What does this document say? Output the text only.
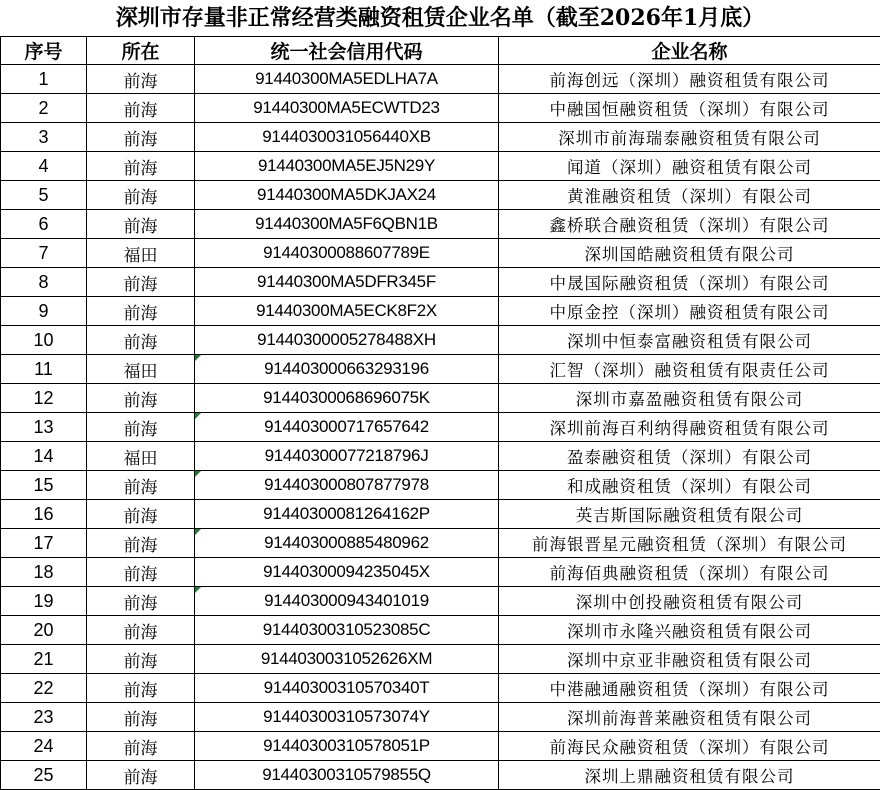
深圳市存量非正常经营类融资租赁企业名单（截至2026年1月底）
序号	所在	统一社会信用代码	企业名称
1	前海	91440300MA5EDLHA7A	前海创远（深圳）融资租赁有限公司
2	前海	91440300MA5ECWTD23	中融国恒融资租赁（深圳）有限公司
3	前海	9144030031056440XB	深圳市前海瑞泰融资租赁有限公司
4	前海	91440300MA5EJ5N29Y	闻道（深圳）融资租赁有限公司
5	前海	91440300MA5DKJAX24	黄淮融资租赁（深圳）有限公司
6	前海	91440300MA5F6QBN1B	鑫桥联合融资租赁（深圳）有限公司
7	福田	91440300088607789E	深圳国皓融资租赁有限公司
8	前海	91440300MA5DFR345F	中晟国际融资租赁（深圳）有限公司
9	前海	91440300MA5ECK8F2X	中原金控（深圳）融资租赁有限公司
10	前海	91440300005278488XH	深圳中恒泰富融资租赁有限公司
11	福田	914403000663293196	汇智（深圳）融资租赁有限责任公司
12	前海	91440300068696075K	深圳市嘉盈融资租赁有限公司
13	前海	914403000717657642	深圳前海百利纳得融资租赁有限公司
14	福田	91440300077218796J	盈泰融资租赁（深圳）有限公司
15	前海	914403000807877978	和成融资租赁（深圳）有限公司
16	前海	91440300081264162P	英吉斯国际融资租赁有限公司
17	前海	914403000885480962	前海银晋星元融资租赁（深圳）有限公司
18	前海	91440300094235045X	前海佰典融资租赁（深圳）有限公司
19	前海	914403000943401019	深圳中创投融资租赁有限公司
20	前海	91440300310523085C	深圳市永隆兴融资租赁有限公司
21	前海	9144030031052626XM	深圳中京亚非融资租赁有限公司
22	前海	91440300310570340T	中港融通融资租赁（深圳）有限公司
23	前海	91440300310573074Y	深圳前海普莱融资租赁有限公司
24	前海	91440300310578051P	前海民众融资租赁（深圳）有限公司
25	前海	91440300310579855Q	深圳上鼎融资租赁有限公司
